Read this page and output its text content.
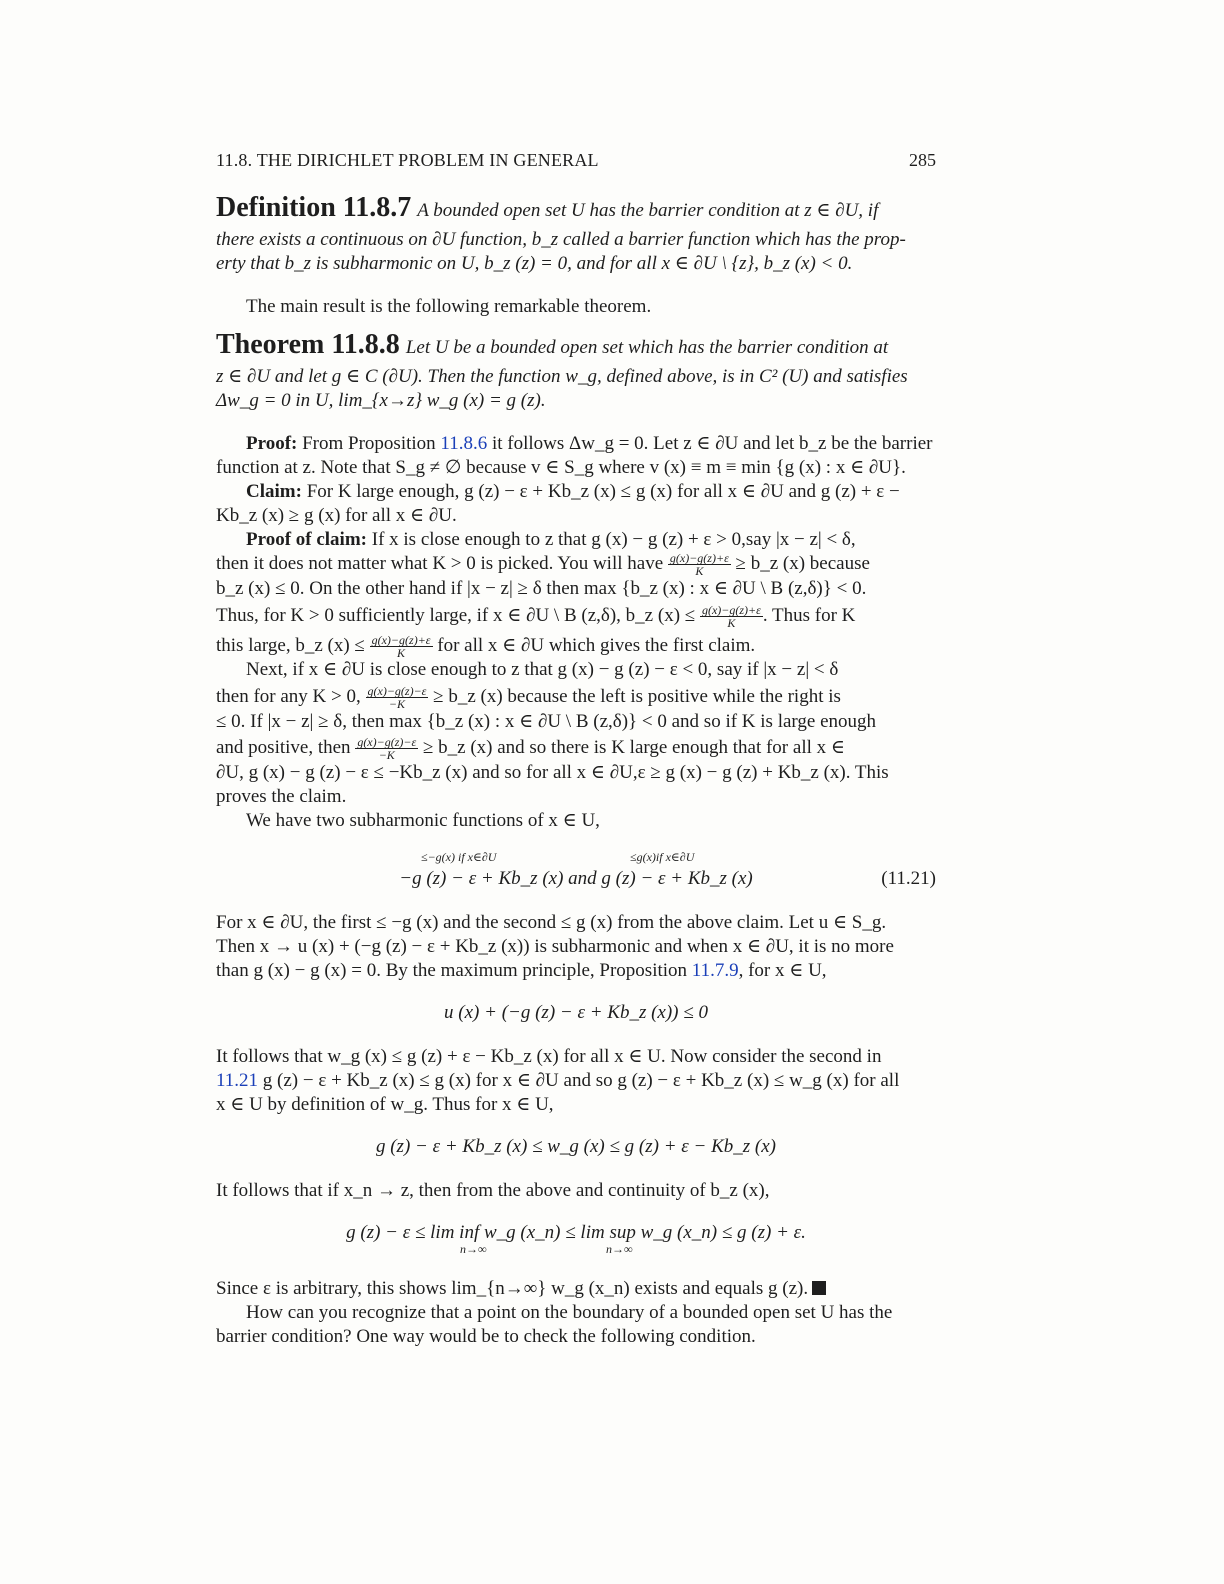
11.8. THE DIRICHLET PROBLEM IN GENERAL	285
Definition 11.8.7 A bounded open set U has the barrier condition at z ∈ ∂U, if
there exists a continuous on ∂U function, b_z called a barrier function which has the prop-
erty that b_z is subharmonic on U, b_z (z) = 0, and for all x ∈ ∂U \ {z}, b_z (x) < 0.
The main result is the following remarkable theorem.
Theorem 11.8.8 Let U be a bounded open set which has the barrier condition at
z ∈ ∂U and let g ∈ C (∂U). Then the function w_g, defined above, is in C² (U) and satisfies
Δw_g = 0 in U, lim_{x→z} w_g (x) = g (z).
Proof: From Proposition 11.8.6 it follows Δw_g = 0. Let z ∈ ∂U and let b_z be the barrier
function at z. Note that S_g ≠ ∅ because v ∈ S_g where v (x) ≡ m ≡ min {g (x) : x ∈ ∂U}.
Claim: For K large enough, g (z) − ε + Kb_z (x) ≤ g (x) for all x ∈ ∂U and g (z) + ε −
Kb_z (x) ≥ g (x) for all x ∈ ∂U.
Proof of claim: If x is close enough to z that g (x) − g (z) + ε > 0,say |x − z| < δ,
then it does not matter what K > 0 is picked. You will have $\frac{g(x)-g(z)+\varepsilon}{K}$ ≥ b_z (x) because
b_z (x) ≤ 0. On the other hand if |x − z| ≥ δ then max {b_z (x) : x ∈ ∂U \ B (z,δ)} < 0.
Thus, for K > 0 sufficiently large, if x ∈ ∂U \ B (z,δ), b_z $(x) \le \frac{g(x)-g(z)+\varepsilon}{K}$ . Thus for K
this large, b_z $(x) \le \frac{g(x)-g(z)+\varepsilon}{K}$ for all x ∈ ∂U which gives the first claim.
Next, if x ∈ ∂U is close enough to z that g (x) − g (z) − ε < 0, say if |x − z| < δ
then for any K > 0, $\frac{g(x)-g(z)-\varepsilon}{-K}$ ≥ b_z (x) because the left is positive while the right is
≤ 0. If |x − z| ≥ δ, then max {b_z (x) : x ∈ ∂U \ B (z,δ)} < 0 and so if K is large enough
and positive, then $\frac{g(x)-g(z)-\varepsilon}{-K}$ ≥ b_z (x) and so there is K large enough that for all x ∈
∂U, g (x) − g (z) − ε ≤ −Kb_z (x) and so for all x ∈ ∂U,ε ≥ g (x) − g (z) + Kb_z (x). This
proves the claim.
We have two subharmonic functions of x ∈ U,
≤−g(x) if x∈∂U	≤g(x)if x∈∂U
−g (z) − ε + Kb_z (x) and g (z) − ε + Kb_z (x)	(11.21)
For x ∈ ∂U, the first ≤ −g (x) and the second ≤ g (x) from the above claim. Let u ∈ S_g.
Then x → u (x) + (−g (z) − ε + Kb_z (x)) is subharmonic and when x ∈ ∂U, it is no more
than g (x) − g (x) = 0. By the maximum principle, Proposition 11.7.9, for x ∈ U,
u (x) + (−g (z) − ε + Kb_z (x)) ≤ 0
It follows that w_g (x) ≤ g (z) + ε − Kb_z (x) for all x ∈ U. Now consider the second in
11.21 g (z) − ε + Kb_z (x) ≤ g (x) for x ∈ ∂U and so g (z) − ε + Kb_z (x) ≤ w_g (x) for all
x ∈ U by definition of w_g. Thus for x ∈ U,
g (z) − ε + Kb_z (x) ≤ w_g (x) ≤ g (z) + ε − Kb_z (x)
It follows that if x_n → z, then from the above and continuity of b_z (x),
g (z) − ε ≤ lim inf w_g (x_n) ≤ lim sup w_g (x_n) ≤ g (z) + ε.
n→∞	n→∞
Since ε is arbitrary, this shows lim_{n→∞} w_g (x_n) exists and equals g (z).
How can you recognize that a point on the boundary of a bounded open set U has the
barrier condition? One way would be to check the following condition.
